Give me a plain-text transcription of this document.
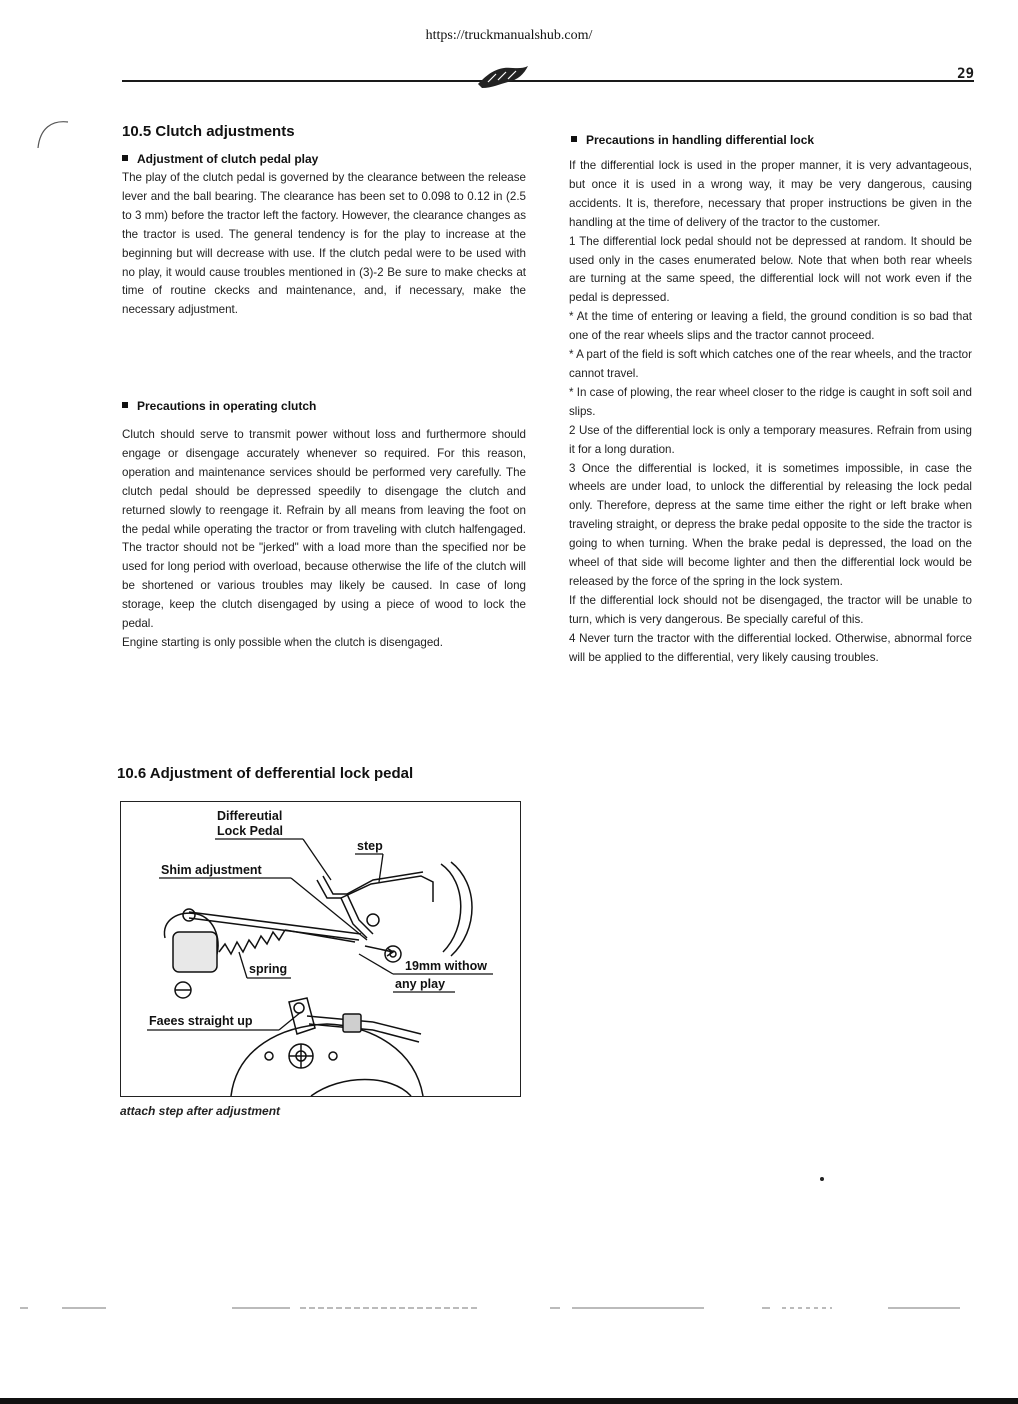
https://truckmanualshub.com/
29
10.5 Clutch adjustments
Adjustment of clutch pedal play

The play of the clutch pedal is governed by the clearance between the release lever and the ball bearing. The clearance has been set to 0.098 to 0.12 in (2.5 to 3 mm) before the tractor left the factory. However, the clearance changes as the tractor is used. The general tendency is for the play to increase at the beginning but will decrease with use. If the clutch pedal were to be used with no play, it would cause troubles mentioned in (3)-2 Be sure to make checks at time of routine ckecks and maintenance, and, if necessary, make the necessary adjustment.

Precautions in operating clutch

Clutch should serve to transmit power without loss and furthermore should engage or disengage accurately whenever so required. For this reason, operation and maintenance services should be performed very carefully. The clutch pedal should be depressed speedily to disengage the clutch and returned slowly to reengage it. Refrain by all means from leaving the foot on the pedal while operating the tractor or from traveling with clutch halfengaged. The tractor should not be "jerked" with a load more than the specified nor be used for long period with overload, because otherwise the life of the clutch will be shortened or various troubles may likely be caused. In case of long storage, keep the clutch disengaged by using a piece of wood to lock the pedal.

Engine starting is only possible when the clutch is disengaged.

10.6 Adjustment of defferential lock pedal
Differeutial
Lock Pedal
step
Shim adjustment
spring	19mm withow
any play
Faees straight up
attach step after adjustment
Precautions in handling differential lock

If the differential lock is used in the proper manner, it is very advantageous, but once it is used in a wrong way, it may be very dangerous, causing accidents. It is, therefore, necessary that proper instructions be given in the handling at the time of delivery of the tractor to the customer.

1 The differential lock pedal should not be depressed at random. It should be used only in the cases enumerated below. Note that when both rear wheels are turning at the same speed, the differential lock will not work even if the pedal is depressed.

* At the time of entering or leaving a field, the ground condition is so bad that one of the rear wheels slips and the tractor cannot proceed.

* A part of the field is soft which catches one of the rear wheels, and the tractor cannot travel.

* In case of plowing, the rear wheel closer to the ridge is caught in soft soil and slips.

2 Use of the differential lock is only a temporary measures. Refrain from using it for a long duration.

3 Once the differential is locked, it is sometimes impossible, in case the wheels are under load, to unlock the differential by releasing the lock pedal only. Therefore, depress at the same time either the right or left brake when traveling straight, or depress the brake pedal opposite to the side the tractor is going to when turning. When the brake pedal is depressed, the load on the wheel of that side will become lighter and then the differential lock would be released by the force of the spring in the lock system.

If the differential lock should not be disengaged, the tractor will be unable to turn, which is very dangerous. Be specially careful of this.

4 Never turn the tractor with the differential locked. Otherwise, abnormal force will be applied to the differential, very likely causing troubles.
